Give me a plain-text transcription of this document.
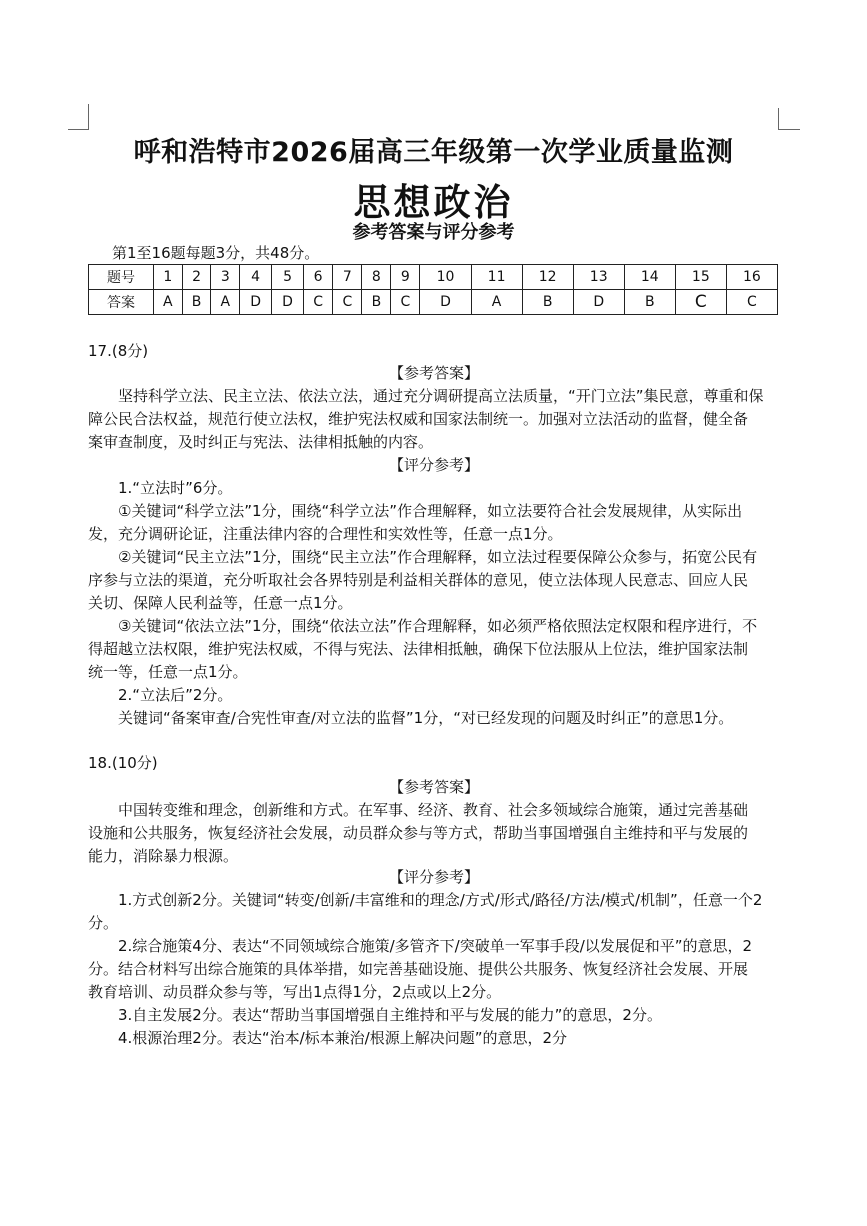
呼和浩特市2026届高三年级第一次学业质量监测
思想政治
参考答案与评分参考
第1至16题每题3分，共48分。
题号	1	2	3	4	5	6	7	8	9	10	11	12	13	14	15	16
答案	A	B	A	D	D	C	C	B	C	D	A	B	D	B	C	C

17.(8分)

【参考答案】

坚持科学立法、民主立法、依法立法，通过充分调研提高立法质量，“开门立法”集民意，尊重和保

障公民合法权益，规范行使立法权，维护宪法权威和国家法制统一。加强对立法活动的监督，健全备

案审查制度，及时纠正与宪法、法律相抵触的内容。

【评分参考】

1.“立法时”6分。

①关键词“科学立法”1分，围绕“科学立法”作合理解释，如立法要符合社会发展规律，从实际出

发，充分调研论证，注重法律内容的合理性和实效性等，任意一点1分。

②关键词“民主立法”1分，围绕“民主立法”作合理解释，如立法过程要保障公众参与，拓宽公民有

序参与立法的渠道，充分听取社会各界特别是利益相关群体的意见，使立法体现人民意志、回应人民

关切、保障人民利益等，任意一点1分。

③关键词“依法立法”1分，围绕“依法立法”作合理解释，如必须严格依照法定权限和程序进行，不

得超越立法权限，维护宪法权威，不得与宪法、法律相抵触，确保下位法服从上位法，维护国家法制

统一等，任意一点1分。

2.“立法后”2分。

关键词“备案审查/合宪性审查/对立法的监督”1分，“对已经发现的问题及时纠正”的意思1分。

18.(10分)

【参考答案】

中国转变维和理念，创新维和方式。在军事、经济、教育、社会多领域综合施策，通过完善基础

设施和公共服务，恢复经济社会发展，动员群众参与等方式，帮助当事国增强自主维持和平与发展的

能力，消除暴力根源。

【评分参考】

1.方式创新2分。关键词“转变/创新/丰富维和的理念/方式/形式/路径/方法/模式/机制”，任意一个2

分。

2.综合施策4分、表达“不同领域综合施策/多管齐下/突破单一军事手段/以发展促和平”的意思，2

分。结合材料写出综合施策的具体举措，如完善基础设施、提供公共服务、恢复经济社会发展、开展

教育培训、动员群众参与等，写出1点得1分，2点或以上2分。

3.自主发展2分。表达“帮助当事国增强自主维持和平与发展的能力”的意思，2分。

4.根源治理2分。表达“治本/标本兼治/根源上解决问题”的意思，2分
